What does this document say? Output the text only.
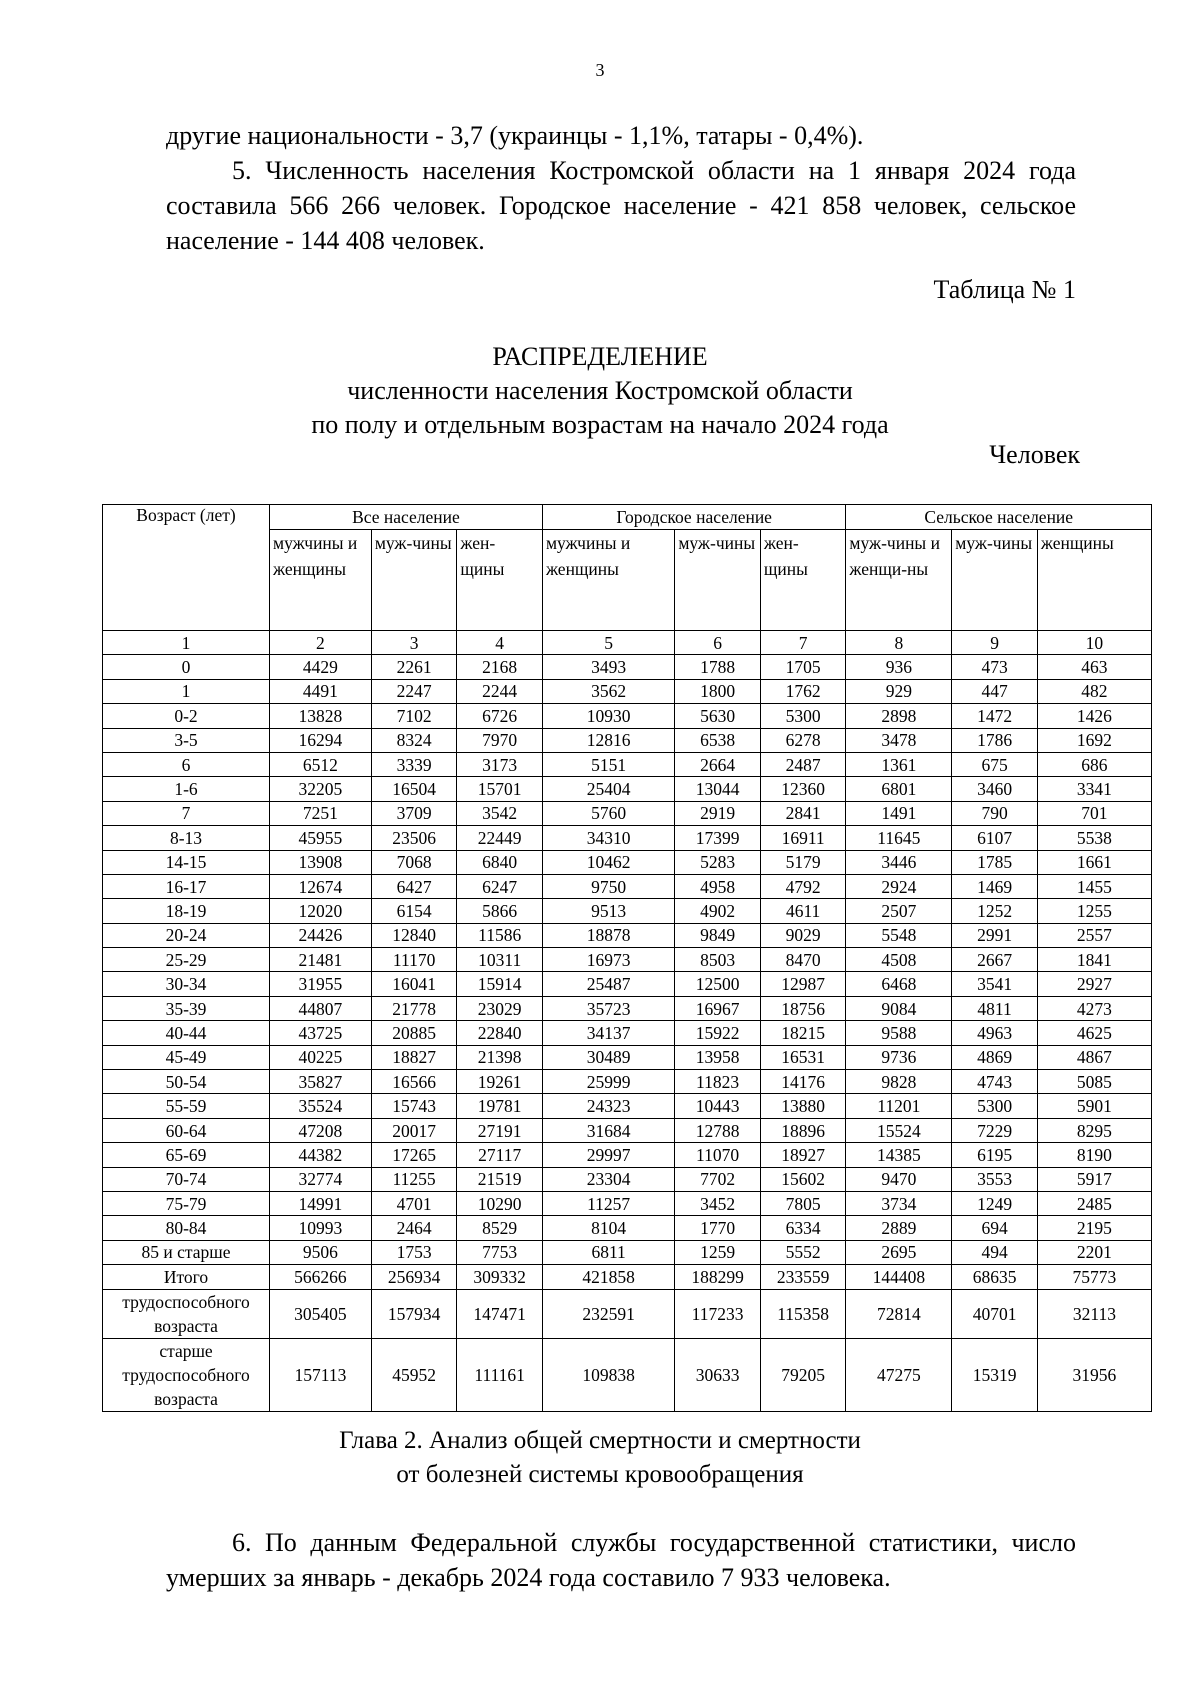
3

другие национальности - 3,7 (украинцы - 1,1%, татары - 0,4%).

5. Численность населения Костромской области на 1 января 2024 года составила 566 266 человек. Городское население - 421 858 человек, сельское население - 144 408 человек.

Таблица № 1
РАСПРЕДЕЛЕНИЕ
численности населения Костромской области
по полу и отдельным возрастам на начало 2024 года
Человек
Возраст (лет)	Все население			Городское население			Сельское население		
	мужчины и женщины	муж-чины	жен-щины	мужчины и женщины	муж-чины	жен-щины	муж-чины и женщи-ны	муж-чины	женщины
1	2	3	4	5	6	7	8	9	10
0	4429	2261	2168	3493	1788	1705	936	473	463
1	4491	2247	2244	3562	1800	1762	929	447	482
0-2	13828	7102	6726	10930	5630	5300	2898	1472	1426
3-5	16294	8324	7970	12816	6538	6278	3478	1786	1692
6	6512	3339	3173	5151	2664	2487	1361	675	686
1-6	32205	16504	15701	25404	13044	12360	6801	3460	3341
7	7251	3709	3542	5760	2919	2841	1491	790	701
8-13	45955	23506	22449	34310	17399	16911	11645	6107	5538
14-15	13908	7068	6840	10462	5283	5179	3446	1785	1661
16-17	12674	6427	6247	9750	4958	4792	2924	1469	1455
18-19	12020	6154	5866	9513	4902	4611	2507	1252	1255
20-24	24426	12840	11586	18878	9849	9029	5548	2991	2557
25-29	21481	11170	10311	16973	8503	8470	4508	2667	1841
30-34	31955	16041	15914	25487	12500	12987	6468	3541	2927
35-39	44807	21778	23029	35723	16967	18756	9084	4811	4273
40-44	43725	20885	22840	34137	15922	18215	9588	4963	4625
45-49	40225	18827	21398	30489	13958	16531	9736	4869	4867
50-54	35827	16566	19261	25999	11823	14176	9828	4743	5085
55-59	35524	15743	19781	24323	10443	13880	11201	5300	5901
60-64	47208	20017	27191	31684	12788	18896	15524	7229	8295
65-69	44382	17265	27117	29997	11070	18927	14385	6195	8190
70-74	32774	11255	21519	23304	7702	15602	9470	3553	5917
75-79	14991	4701	10290	11257	3452	7805	3734	1249	2485
80-84	10993	2464	8529	8104	1770	6334	2889	694	2195
85 и старше	9506	1753	7753	6811	1259	5552	2695	494	2201
Итого	566266	256934	309332	421858	188299	233559	144408	68635	75773
трудоспособного возраста	305405	157934	147471	232591	117233	115358	72814	40701	32113
старше трудоспособного возраста	157113	45952	111161	109838	30633	79205	47275	15319	31956
Глава 2. Анализ общей смертности и смертности
от болезней системы кровообращения

6. По данным Федеральной службы государственной статистики, число умерших за январь - декабрь 2024 года составило 7 933 человека.
